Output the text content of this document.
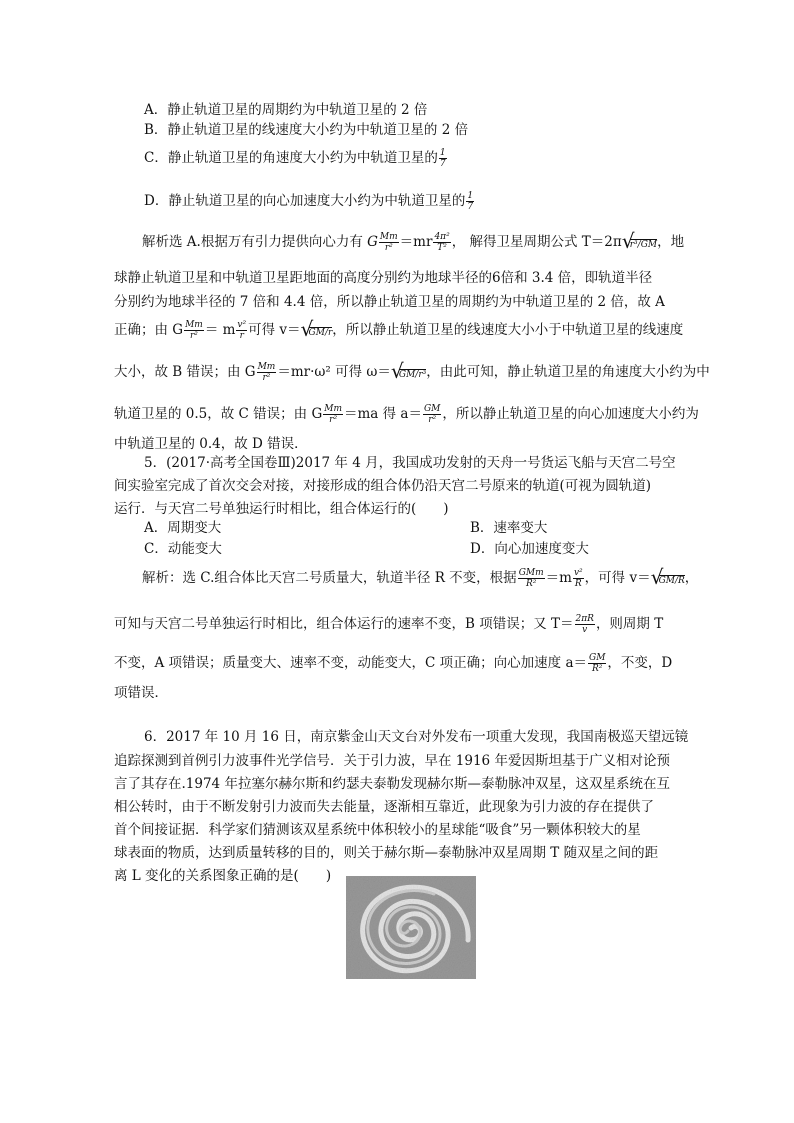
A．静止轨道卫星的周期约为中轨道卫星的 2 倍
B．静止轨道卫星的线速度大小约为中轨道卫星的 2 倍
C．静止轨道卫星的角速度大小约为中轨道卫星的 $\frac{1}{7}$
D．静止轨道卫星的向心加速度大小约为中轨道卫星的 $\frac{1}{7}$
解析选 A.根据万有引力提供向心力有 G $\frac{Mm}{\text{r²}} =mr \frac{\text{4π²}}{\text{T²}}$ ， 解得卫星周期公式 T＝2π √
r³/GM，地
球静止轨道卫星和中轨道卫星距地面的高度分别约为地球半径的6倍和 3.4 倍，即轨道半径
分别约为地球半径的 7 倍和 4.4 倍，所以静止轨道卫星的周期约为中轨道卫星的 2 倍，故 A
正确；由 G $\frac{Mm}{\text{r²}} = m \frac{\text{v²}}{r}$ 可得 v＝ √
GM/r，所以静止轨道卫星的线速度大小小于中轨道卫星的线速度
大小，故 B 错误；由 G $\frac{Mm}{\text{r²}} =mr\cdot\omega^2$ 可得 ω＝ √
GM/r³，由此可知，静止轨道卫星的角速度大小约为中
轨道卫星的 0.5，故 C 错误；由 G $\frac{Mm}{\text{r²}} =ma$ 得 $a= \frac{GM}{\text{r²}}$ ，所以静止轨道卫星的向心加速度大小约为
中轨道卫星的 0.4，故 D 错误．
5．(2017·高考全国卷Ⅲ)2017 年 4 月，我国成功发射的天舟一号货运飞船与天宫二号空
间实验室完成了首次交会对接，对接形成的组合体仍沿天宫二号原来的轨道(可视为圆轨道)
运行．与天宫二号单独运行时相比，组合体运行的(　　)
A．周期变大	B．速率变大
C．动能变大	D．向心加速度变大
解析：选 C.组合体比天宫二号质量大，轨道半径 R 不变，根据 $\frac{\text{GMm}}{\text{R²}} =m \frac{\text{v²}}{R}$ ，可得 v＝ √
GM/R，
可知与天宫二号单独运行时相比，组合体运行的速率不变，B 项错误；又 $T= \frac{2\pi R}{v}$ ，则周期 T
不变，A 项错误；质量变大、速率不变，动能变大，C 项正确；向心加速度 $a= \frac{GM}{\text{R²}}$ ，不变，D
项错误．
6．2017 年 10 月 16 日，南京紫金山天文台对外发布一项重大发现，我国南极巡天望远镜
追踪探测到首例引力波事件光学信号．关于引力波，早在 1916 年爱因斯坦基于广义相对论预
言了其存在.1974 年拉塞尔赫尔斯和约瑟夫泰勒发现赫尔斯—泰勒脉冲双星，这双星系统在互
相公转时，由于不断发射引力波而失去能量，逐渐相互靠近，此现象为引力波的存在提供了
首个间接证据．科学家们猜测该双星系统中体积较小的星球能“吸食”另一颗体积较大的星
球表面的物质，达到质量转移的目的，则关于赫尔斯—泰勒脉冲双星周期 T 随双星之间的距
离 L 变化的关系图象正确的是(　　)
